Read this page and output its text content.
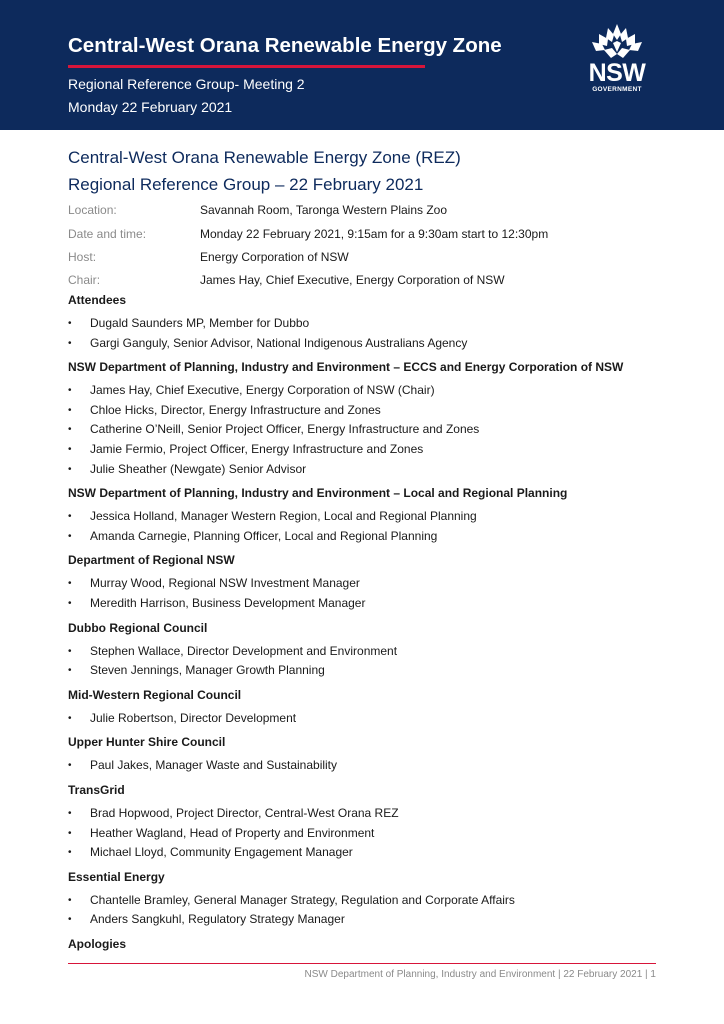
Central-West Orana Renewable Energy Zone
Regional Reference Group- Meeting 2
Monday 22 February 2021
NSW
GOVERNMENT
Central-West Orana Renewable Energy Zone (REZ)
Regional Reference Group – 22 February 2021
Location:	Savannah Room, Taronga Western Plains Zoo
Date and time:	Monday 22 February 2021, 9:15am for a 9:30am start to 12:30pm
Host:	Energy Corporation of NSW
Chair:	James Hay, Chief Executive, Energy Corporation of NSW
Attendees
• Dugald Saunders MP, Member for Dubbo
• Gargi Ganguly, Senior Advisor, National Indigenous Australians Agency
NSW Department of Planning, Industry and Environment – ECCS and Energy Corporation of NSW
• James Hay, Chief Executive, Energy Corporation of NSW (Chair)
• Chloe Hicks, Director, Energy Infrastructure and Zones
• Catherine O’Neill, Senior Project Officer, Energy Infrastructure and Zones
• Jamie Fermio, Project Officer, Energy Infrastructure and Zones
• Julie Sheather (Newgate) Senior Advisor
NSW Department of Planning, Industry and Environment – Local and Regional Planning
• Jessica Holland, Manager Western Region, Local and Regional Planning
• Amanda Carnegie, Planning Officer, Local and Regional Planning
Department of Regional NSW
• Murray Wood, Regional NSW Investment Manager
• Meredith Harrison, Business Development Manager
Dubbo Regional Council
• Stephen Wallace, Director Development and Environment
• Steven Jennings, Manager Growth Planning
Mid-Western Regional Council
• Julie Robertson, Director Development
Upper Hunter Shire Council
• Paul Jakes, Manager Waste and Sustainability
TransGrid
• Brad Hopwood, Project Director, Central-West Orana REZ
• Heather Wagland, Head of Property and Environment
• Michael Lloyd, Community Engagement Manager
Essential Energy
• Chantelle Bramley, General Manager Strategy, Regulation and Corporate Affairs
• Anders Sangkuhl, Regulatory Strategy Manager
Apologies
NSW Department of Planning, Industry and Environment | 22 February 2021 | 1
